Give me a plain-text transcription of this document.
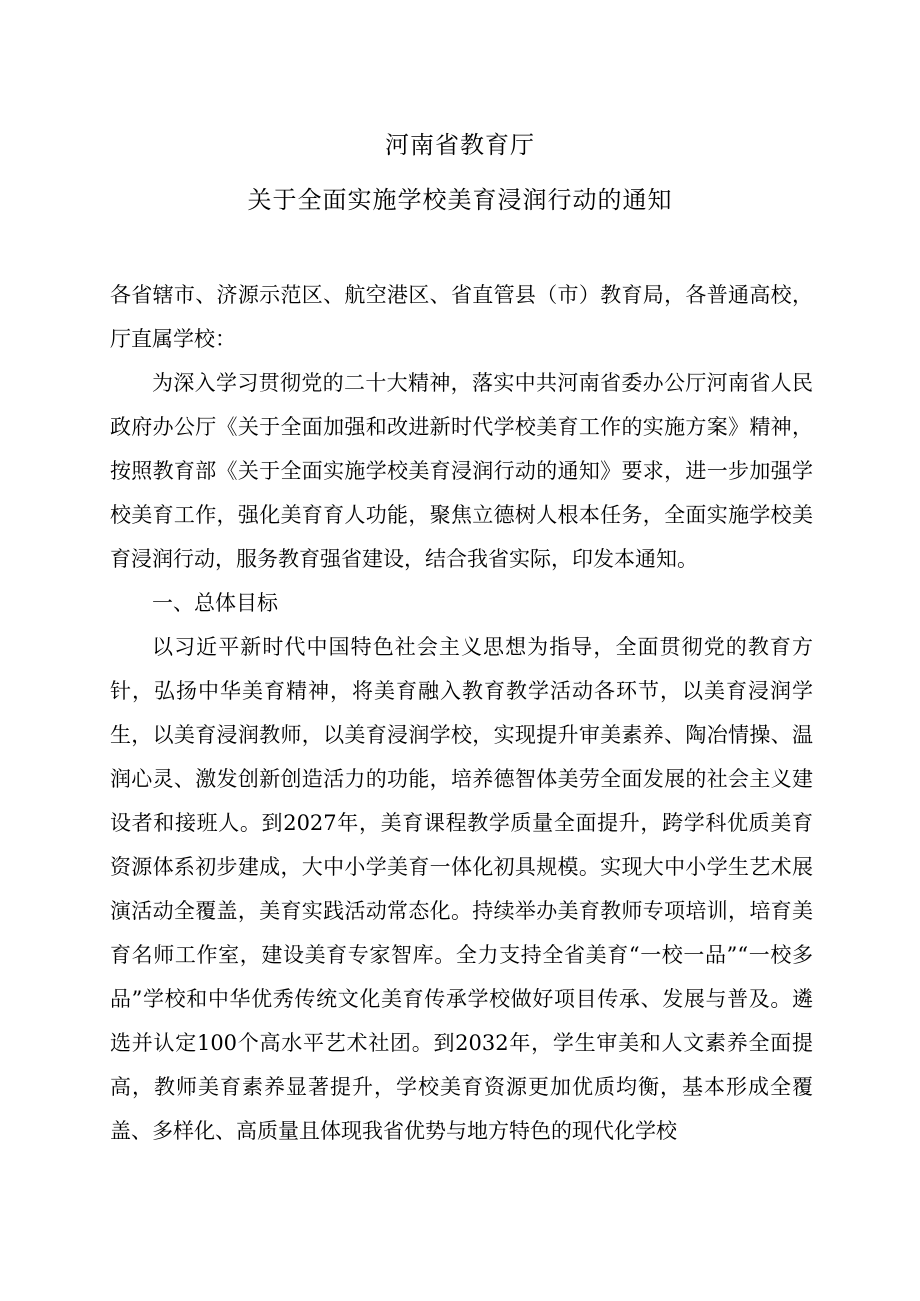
河南省教育厅
关于全面实施学校美育浸润行动的通知

各省辖市、济源示范区、航空港区、省直管县（市）教育局，各普通高校，厅直属学校：

为深入学习贯彻党的二十大精神，落实中共河南省委办公厅河南省人民政府办公厅《关于全面加强和改进新时代学校美育工作的实施方案》精神，按照教育部《关于全面实施学校美育浸润行动的通知》要求，进一步加强学校美育工作，强化美育育人功能，聚焦立德树人根本任务，全面实施学校美育浸润行动，服务教育强省建设，结合我省实际，印发本通知。

一、总体目标

以习近平新时代中国特色社会主义思想为指导，全面贯彻党的教育方针，弘扬中华美育精神，将美育融入教育教学活动各环节，以美育浸润学生，以美育浸润教师，以美育浸润学校，实现提升审美素养、陶冶情操、温润心灵、激发创新创造活力的功能，培养德智体美劳全面发展的社会主义建设者和接班人。到2027年，美育课程教学质量全面提升，跨学科优质美育资源体系初步建成，大中小学美育一体化初具规模。实现大中小学生艺术展演活动全覆盖，美育实践活动常态化。持续举办美育教师专项培训，培育美育名师工作室，建设美育专家智库。全力支持全省美育“一校一品”“一校多品”学校和中华优秀传统文化美育传承学校做好项目传承、发展与普及。遴选并认定100个高水平艺术社团。到2032年，学生审美和人文素养全面提高，教师美育素养显著提升，学校美育资源更加优质均衡，基本形成全覆盖、多样化、高质量且体现我省优势与地方特色的现代化学校
